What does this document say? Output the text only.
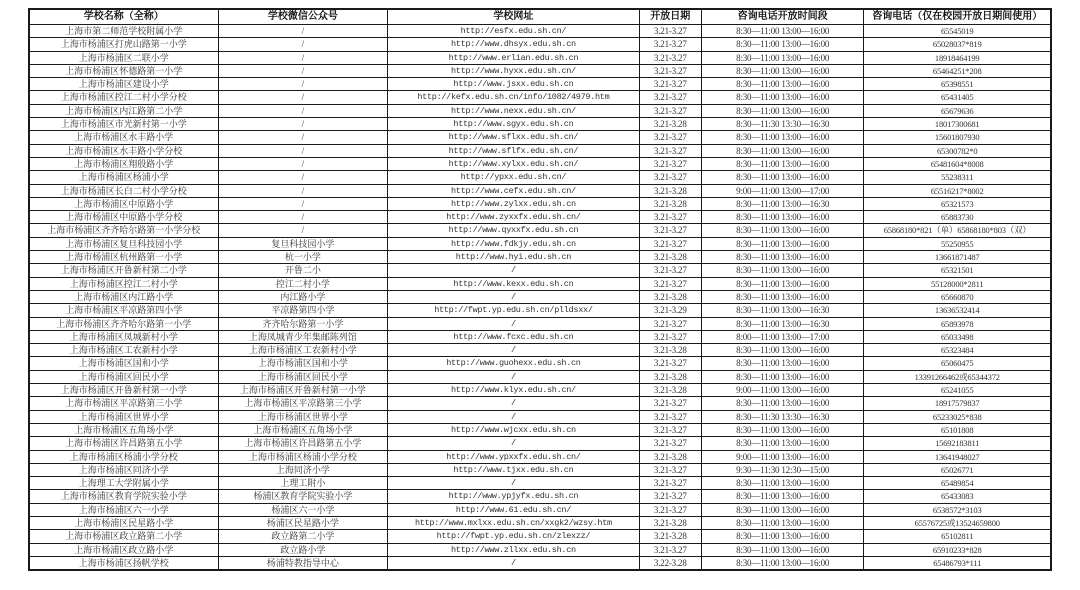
学校名称（全称）	学校微信公众号	学校网址	开放日期	咨询电话开放时间段	咨询电话（仅在校园开放日期间使用）
上海市第二师范学校附属小学	/	http://esfx.edu.sh.cn/	3.21-3.27	8:30—11:00 13:00—16:00	65545019
上海市杨浦区打虎山路第一小学	/	http://www.dhsyx.edu.sh.cn	3.21-3.27	8:30—11:00 13:00—16:00	65028037*819
上海市杨浦区二联小学	/	http://www.erlian.edu.sh.cn	3.21-3.27	8:30—11:00 13:00—16:00	18918464199
上海市杨浦区怀德路第一小学	/	http://www.hyxx.edu.sh.cn/	3.21-3.27	8:30—11:00 13:00—16:00	65464251*208
上海市杨浦区建设小学	/	http://www.jsxx.edu.sh.cn	3.21-3.27	8:30—11:00 13:00—16:00	65398551
上海市杨浦区控江二村小学分校	/	http://kefx.edu.sh.cn/info/1082/4979.htm	3.21-3.27	8:30—11:00 13:00—16:00	65431405
上海市杨浦区内江路第二小学	/	http://www.nexx.edu.sh.cn/	3.21-3.27	8:30—11:00 13:00—16:00	65679636
上海市杨浦区市光新村第一小学	/	http://www.sgyx.edu.sh.cn	3.21-3.28	8:30—11:30 13:30—16:30	18017300681
上海市杨浦区水丰路小学	/	http://www.sflxx.edu.sh.cn/	3.21-3.27	8:30—11:00 13:00—16:00	15601807930
上海市杨浦区水丰路小学分校	/	http://www.sflfx.edu.sh.cn/	3.21-3.27	8:30—11:00 13:00—16:00	65300782*0
上海市杨浦区翔殷路小学	/	http://www.xylxx.edu.sh.cn/	3.21-3.27	8:30—11:00 13:00—16:00	65481604*8008
上海市杨浦区杨浦小学	/	http://ypxx.edu.sh.cn/	3.21-3.27	8:30—11:00 13:00—16:00	55238311
上海市杨浦区长白二村小学分校	/	http://www.cefx.edu.sh.cn/	3.21-3.28	9:00—11:00 13:00—17:00	65516217*8002
上海市杨浦区中原路小学	/	http://www.zylxx.edu.sh.cn	3.21-3.28	8:30—11:00 13:00—16:30	65321573
上海市杨浦区中原路小学分校	/	http://www.zyxxfx.edu.sh.cn/	3.21-3.27	8:30—11:00 13:00—16:00	65883730
上海市杨浦区齐齐哈尔路第一小学分校	/	http://www.qyxxfx.edu.sh.cn	3.21-3.27	8:30—11:00 13:00—16:00	65868180*821（单）65868180*803（双）
上海市杨浦区复旦科技园小学	复旦科技园小学	http://www.fdkjy.edu.sh.cn	3.21-3.27	8:30—11:00 13:00—16:00	55250955
上海市杨浦区杭州路第一小学	杭一小学	http://www.hyi.edu.sh.cn	3.21-3.28	8:30—11:00 13:00—16:00	13661871487
上海市杨浦区开鲁新村第二小学	开鲁二小	/	3.21-3.27	8:30—11:00 13:00—16:00	65321501
上海市杨浦区控江二村小学	控江二村小学	http://www.kexx.edu.sh.cn	3.21-3.27	8:30—11:00 13:00—16:00	55128000*2811
上海市杨浦区内江路小学	内江路小学	/	3.21-3.28	8:30—11:00 13:00—16:00	65660870
上海市杨浦区平凉路第四小学	平凉路第四小学	http://fwpt.yp.edu.sh.cn/plldsxx/	3.21-3.29	8:30—11:00 13:00—16:30	13636532414
上海市杨浦区齐齐哈尔路第一小学	齐齐哈尔路第一小学	/	3.21-3.27	8:30—11:00 13:00—16:30	65893978
上海市杨浦区凤城新村小学	上海凤城青少年集邮陈列馆	http://www.fcxc.edu.sh.cn	3.21-3.27	8:00—11:00 13:00—17:00	65033498
上海市杨浦区工农新村小学	上海市杨浦区工农新村小学	/	3.21-3.28	8:30—11:00 13:00—16:00	65323484
上海市杨浦区国和小学	上海市杨浦区国和小学	http://www.guohexx.edu.sh.cn	3.21-3.27	8:30—11:00 13:00—16:00	65060475
上海市杨浦区回民小学	上海市杨浦区回民小学	/	3.21-3.28	8:30—11:00 13:00—16:00	13391266462或65344372
上海市杨浦区开鲁新村第一小学	上海市杨浦区开鲁新村第一小学	http://www.klyx.edu.sh.cn/	3.21-3.28	9:00—11:00 13:00—16:00	65241055
上海市杨浦区平凉路第三小学	上海市杨浦区平凉路第三小学	/	3.21-3.27	8:30—11:00 13:00—16:00	18917579837
上海市杨浦区世界小学	上海市杨浦区世界小学	/	3.21-3.27	8:30—11:30 13:30—16:30	65233025*838
上海市杨浦区五角场小学	上海市杨浦区五角场小学	http://www.wjcxx.edu.sh.cn	3.21-3.27	8:30—11:00 13:00—16:00	65101808
上海市杨浦区许昌路第五小学	上海市杨浦区许昌路第五小学	/	3.21-3.27	8:30—11:00 13:00—16:00	15692183811
上海市杨浦区杨浦小学分校	上海市杨浦区杨浦小学分校	http://www.ypxxfx.edu.sh.cn/	3.21-3.28	9:00—11:00 13:00—16:00	13641948027
上海市杨浦区同济小学	上海同济小学	http://www.tjxx.edu.sh.cn	3.21-3.27	9:30—11:30 12:30—15:00	65026771
上海理工大学附属小学	上理工附小	/	3.21-3.27	8:30—11:00 13:00—16:00	65489854
上海市杨浦区教育学院实验小学	杨浦区教育学院实验小学	http://www.ypjyfx.edu.sh.cn	3.21-3.27	8:30—11:00 13:00—16:00	65433083
上海市杨浦区六一小学	杨浦区六一小学	http://www.61.edu.sh.cn/	3.21-3.27	8:30—11:00 13:00—16:00	6538572*3103
上海市杨浦区民星路小学	杨浦区民星路小学	http://www.mxlxx.edu.sh.cn/xxgk2/wzsy.htm	3.21-3.28	8:30—11:00 13:00—16:00	65576725或13524659800
上海市杨浦区政立路第二小学	政立路第二小学	http://fwpt.yp.edu.sh.cn/zlexzz/	3.21-3.28	8:30—11:00 13:00—16:00	65102811
上海市杨浦区政立路小学	政立路小学	http://www.zllxx.edu.sh.cn	3.21-3.27	8:30—11:00 13:00—16:00	65910233*828
上海市杨浦区扬帆学校	杨浦特教指导中心	/	3.22-3.28	8:30—11:00 13:00—16:00	65486793*111
